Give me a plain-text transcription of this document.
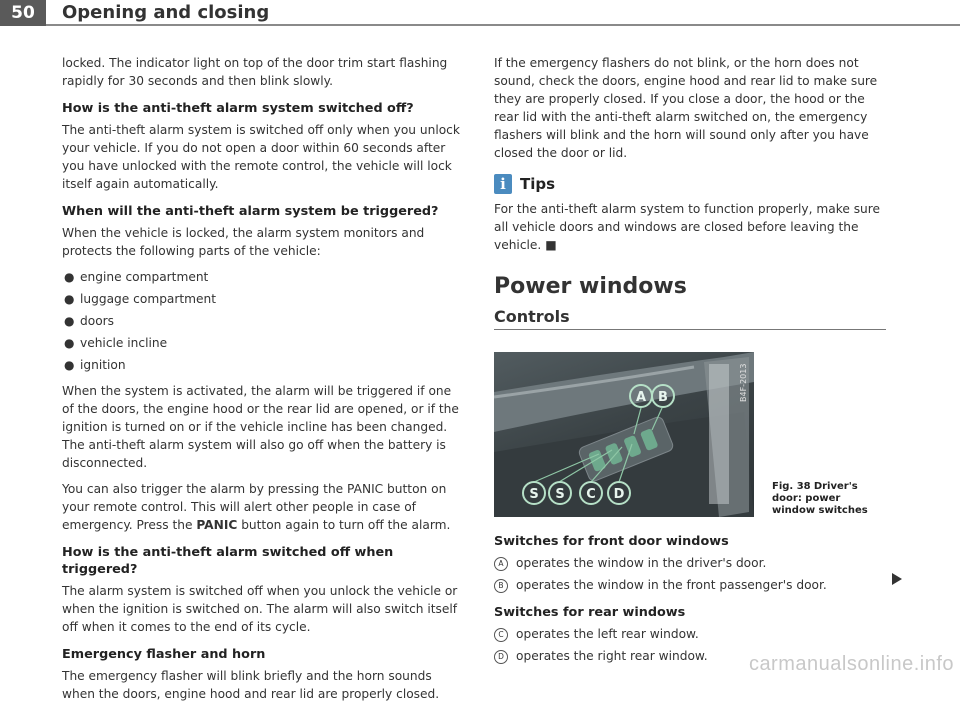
50	Opening and closing

locked. The indicator light on top of the door trim start flashing rapidly for 30 seconds and then blink slowly.

How is the anti-theft alarm system switched off?

The anti-theft alarm system is switched off only when you unlock your vehicle. If you do not open a door within 60 seconds after you have unlocked with the remote control, the vehicle will lock itself again automatically.

When will the anti-theft alarm system be triggered?

When the vehicle is locked, the alarm system monitors and protects the following parts of the vehicle:

● engine compartment
● luggage compartment
● doors
● vehicle incline
● ignition

When the system is activated, the alarm will be triggered if one of the doors, the engine hood or the rear lid are opened, or if the ignition is turned on or if the vehicle incline has been changed. The anti-theft alarm system will also go off when the battery is disconnected.

You can also trigger the alarm by pressing the PANIC button on your remote control. This will alert other people in case of emergency. Press the PANIC button again to turn off the alarm.

How is the anti-theft alarm switched off when triggered?

The alarm system is switched off when you unlock the vehicle or when the ignition is switched on. The alarm will also switch itself off when it comes to the end of its cycle.

Emergency flasher and horn

The emergency flasher will blink briefly and the horn sounds when the doors, engine hood and rear lid are properly closed.

If the emergency flashers do not blink, or the horn does not sound, check the doors, engine hood and rear lid to make sure they are properly closed. If you close a door, the hood or the rear lid with the anti-theft alarm switched on, the emergency flashers will blink and the horn will sound only after you have closed the door or lid.

i Tips

For the anti-theft alarm system to function properly, make sure all vehicle doors and windows are closed before leaving the vehicle. ■

Power windows
Controls
A B
S S C D
B4F-2013
Fig. 38 Driver's door: power window switches
Switches for front door windows
A	operates the window in the driver's door.
B	operates the window in the front passenger's door.
Switches for rear windows
C	operates the left rear window.
D operates the right rear window. carmanualsonline.info
